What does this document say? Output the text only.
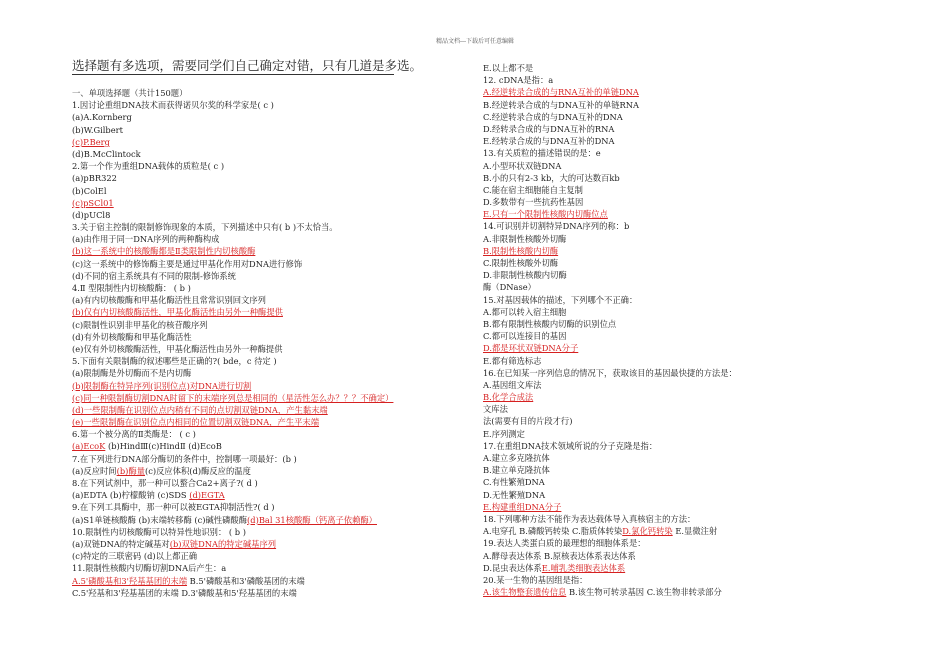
精品文档---下载后可任意编辑
选择题有多选项，需要同学们自己确定对错，只有几道是多选。
一、单项选择题（共计150题）
1.因讨论重组DNA技术而获得诺贝尔奖的科学家是( c )
(a)A.Kornberg
(b)W.Gilbert
(c)P.Berg
(d)B.McClintock
2.第一个作为重组DNA载体的质粒是( c )
(a)pBR322
(b)ColEl
(c)pSCl01
(d)pUCl8
3.关于宿主控制的限制修饰现象的本质，下列描述中只有( b )不太恰当。
(a)由作用于同一DNA序列的两种酶构成
(b)这一系统中的核酸酶都是Ⅱ类限制性内切核酸酶
(c)这一系统中的修饰酶主要是通过甲基化作用对DNA进行修饰
(d)不同的宿主系统具有不同的限制-修饰系统
4.Ⅱ 型限制性内切核酸酶： ( b )
(a)有内切核酸酶和甲基化酶活性且常常识别回文序列
(b)仅有内切核酸酶活性，甲基化酶活性由另外一种酶提供
(c)限制性识别非甲基化的核苷酸序列
(d)有外切核酸酶和甲基化酶活性
(e)仅有外切核酸酶活性，甲基化酶活性由另外一种酶提供
5.下面有关限制酶的叙述哪些是正确的?( bde，c 待定 )
(a)限制酶是外切酶而不是内切酶
(b)限制酶在特异序列(识别位点)对DNA进行切割
(c)同一种限制酶切割DNA时留下的末端序列总是相同的（星活性怎么办？？？不确定）
(d)一些限制酶在识别位点内稍有不同的点切割双链DNA，产生黏末端
(e)一些限制酶在识别位点内相同的位置切割双链DNA，产生平末端
6.第一个被分离的Ⅱ类酶是： ( c )
(a)EcoK (b)HindⅢ(c)HindⅡ (d)EcoB
7.在下列进行DNA部分酶切的条件中，控制哪一项最好：(b )
(a)反应时间(b)酶量(c)反应体积(d)酶反应的温度
8.在下列试剂中，那一种可以螯合Ca2+离子?( d )
(a)EDTA (b)柠檬酸钠 (c)SDS (d)EGTA
9.在下列工具酶中，那一种可以被EGTA抑制活性?( d )
(a)S1单链核酸酶 (b)末端转移酶 (c)碱性磷酸酶(d)Bal 31核酸酶（钙离子依赖酶）
10.限制性内切核酸酶可以特异性地识别： ( b )
(a)双链DNA的特定碱基对(b)双链DNA的特定碱基序列
(c)特定的三联密码 (d)以上都正确
11.限制性核酸内切酶切割DNA后产生：a
A.5'磷酸基和3'羟基基团的末端 B.5'磷酸基和3'磷酸基团的末端
C.5'羟基和3'羟基基团的末端 D.3'磷酸基和5'羟基基团的末端
E.以上都不是
12. cDNA是指：a
A.经逆转录合成的与RNA互补的单链DNA
B.经逆转录合成的与DNA互补的单链RNA
C.经逆转录合成的与DNA互补的DNA
D.经转录合成的与DNA互补的RNA
E.经转录合成的与DNA互补的DNA
13.有关质粒的描述错误的是：e
A.小型环状双链DNA
B.小的只有2-3 kb，大的可达数百kb
C.能在宿主细胞能自主复制
D.多数带有一些抗药性基因
E.只有一个限制性核酸内切酶位点
14.可识别并切割特异DNA序列的称：b
A.非限制性核酸外切酶
B.限制性核酸内切酶
C.限制性核酸外切酶
D.非限制性核酸内切酶
酶（DNase）
15.对基因载体的描述，下列哪个不正确：
A.都可以转入宿主细胞
B.都有限制性核酸内切酶的识别位点
C.都可以连接目的基因
D.都是环状双链DNA分子
E.都有筛选标志
16.在已知某一序列信息的情况下，获取该目的基因最快捷的方法是：
A.基因组文库法
B.化学合成法
文库法
法(需要有目的片段才行)
E.序列测定
17.在重组DNA技术领域所说的分子克隆是指：
A.建立多克隆抗体
B.建立单克隆抗体
C.有性繁殖DNA
D.无性繁殖DNA
E.构建重组DNA分子
18.下列哪种方法不能作为表达载体导入真核宿主的方法：
A.电穿孔 B.磷酸钙转染 C.脂质体转染D.氯化钙转染 E.显微注射
19.表达人类蛋白质的最理想的细胞体系是：
A.酵母表达体系 B.原核表达体系表达体系
D.昆虫表达体系E.哺乳类细胞表达体系
20.某一生物的基因组是指：
A.该生物整套遗传信息 B.该生物可转录基因 C.该生物非转录部分
